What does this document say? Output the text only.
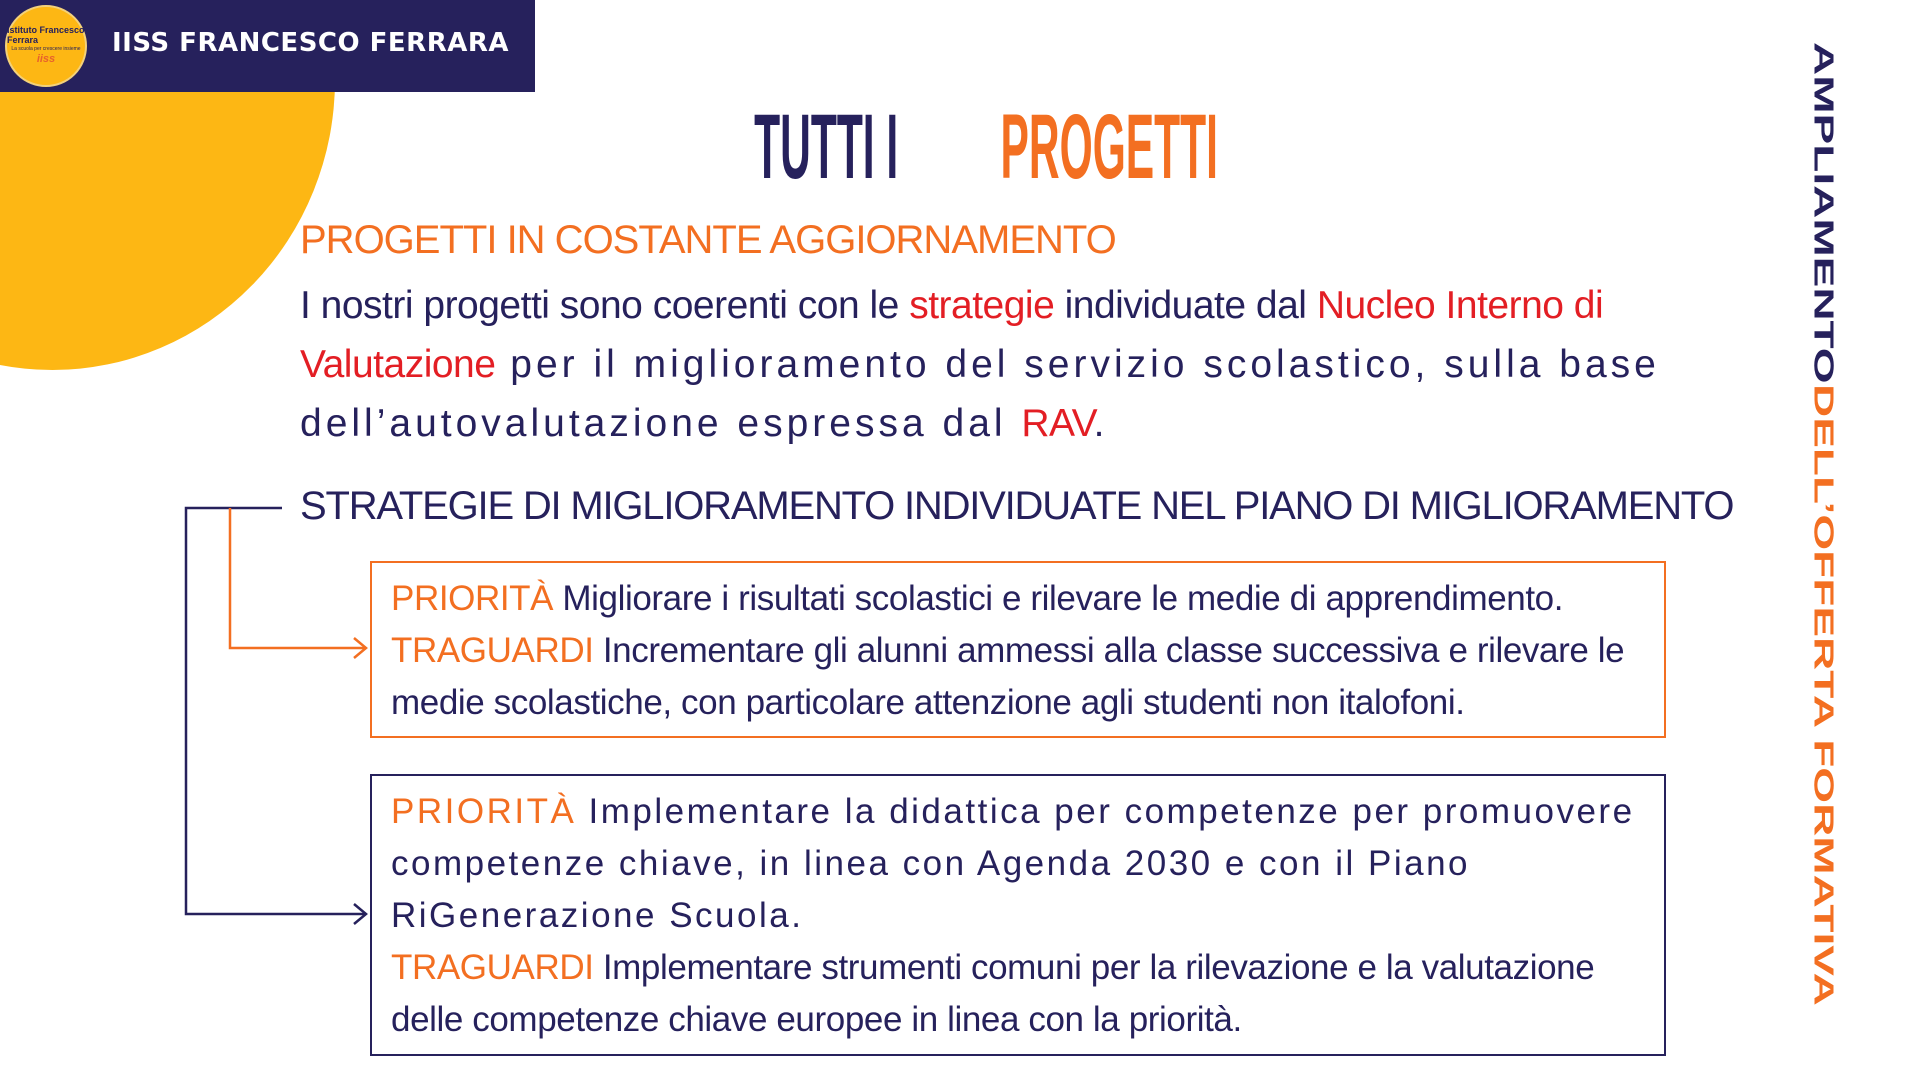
Istituto Francesco Ferrara
La scuola per crescere insieme
iiss
IISS FRANCESCO FERRARA
TUTTI I PROGETTI	AMPLIAMENTODELL’OFFERTA FORMATIVA
PROGETTI IN COSTANTE AGGIORNAMENTO
I nostri progetti sono coerenti con le strategie individuate dal Nucleo Interno di Valutazione per il miglioramento del servizio scolastico, sulla base dell’autovalutazione espressa dal RAV.
STRATEGIE DI MIGLIORAMENTO INDIVIDUATE NEL PIANO DI MIGLIORAMENTO
PRIORITÀ Migliorare i risultati scolastici e rilevare le medie di apprendimento.
TRAGUARDI Incrementare gli alunni ammessi alla classe successiva e rilevare le medie scolastiche, con particolare attenzione agli studenti non italofoni.
PRIORITÀ Implementare la didattica per competenze per promuovere competenze chiave, in linea con Agenda 2030 e con il Piano RiGenerazione Scuola.
TRAGUARDI Implementare strumenti comuni per la rilevazione e la valutazione delle competenze chiave europee in linea con la priorità.
